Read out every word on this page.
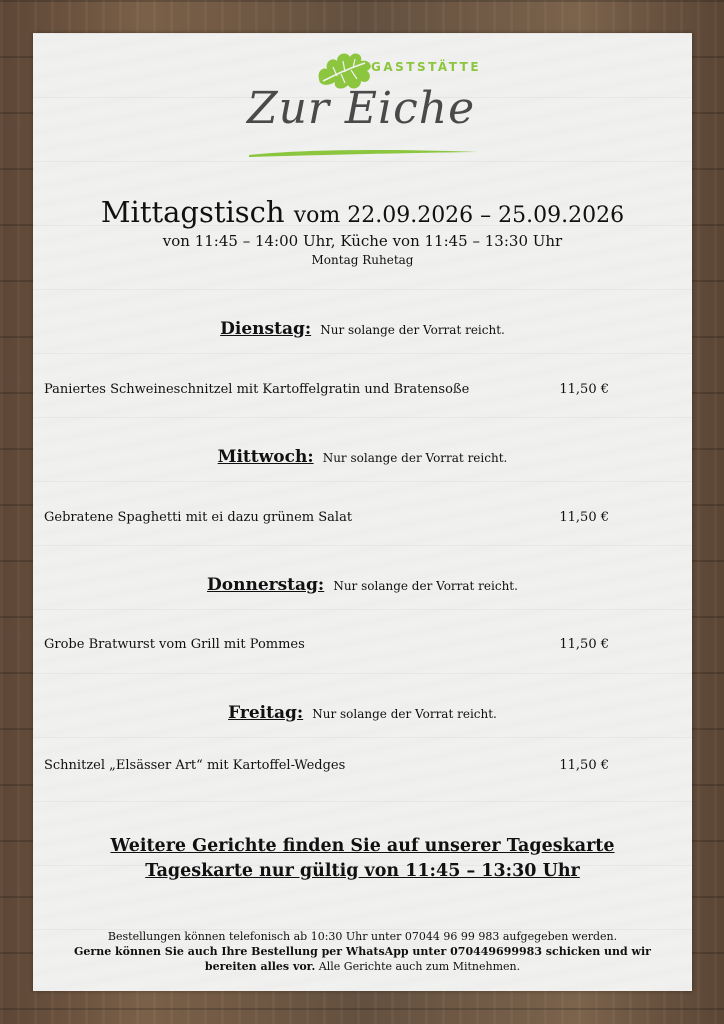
GASTSTÄTTE
Zur Eiche
Mittagstisch vom 22.09.2026 – 25.09.2026
von 11:45 – 14:00 Uhr, Küche von 11:45 – 13:30 Uhr
Montag Ruhetag
Dienstag: Nur solange der Vorrat reicht.
Paniertes Schweineschnitzel mit Kartoffelgratin und Bratensoße	11,50 €
Mittwoch: Nur solange der Vorrat reicht.
Gebratene Spaghetti mit ei dazu grünem Salat	11,50 €
Donnerstag: Nur solange der Vorrat reicht.
Grobe Bratwurst vom Grill mit Pommes	11,50 €
Freitag: Nur solange der Vorrat reicht.
Schnitzel „Elsässer Art“ mit Kartoffel-Wedges	11,50 €
Weitere Gerichte finden Sie auf unserer Tageskarte
Tageskarte nur gültig von 11:45 – 13:30 Uhr
Bestellungen können telefonisch ab 10:30 Uhr unter 07044 96 99 983 aufgegeben werden.
Gerne können Sie auch Ihre Bestellung per WhatsApp unter 070449699983 schicken und wir bereiten alles vor. Alle Gerichte auch zum Mitnehmen.
